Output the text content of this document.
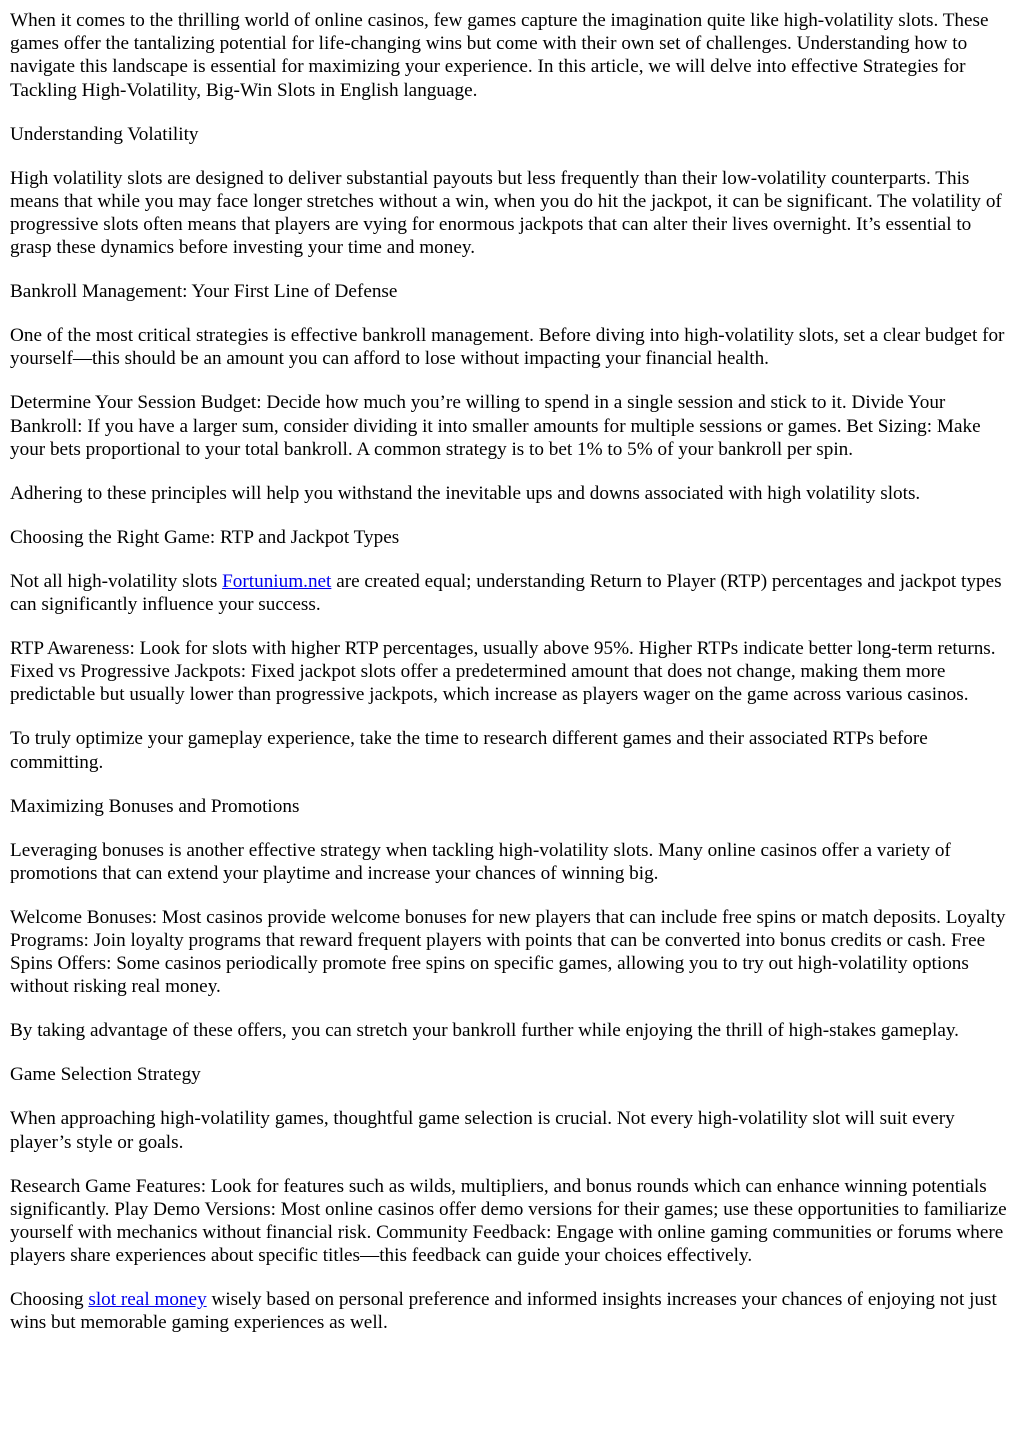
When it comes to the thrilling world of online casinos, few games capture the imagination quite like high-volatility slots. These games offer the tantalizing potential for life-changing wins but come with their own set of challenges. Understanding how to navigate this landscape is essential for maximizing your experience. In this article, we will delve into effective Strategies for Tackling High-Volatility, Big-Win Slots in English language.

Understanding Volatility

High volatility slots are designed to deliver substantial payouts but less frequently than their low-volatility counterparts. This means that while you may face longer stretches without a win, when you do hit the jackpot, it can be significant. The volatility of progressive slots often means that players are vying for enormous jackpots that can alter their lives overnight. It’s essential to grasp these dynamics before investing your time and money.

Bankroll Management: Your First Line of Defense

One of the most critical strategies is effective bankroll management. Before diving into high-volatility slots, set a clear budget for yourself—this should be an amount you can afford to lose without impacting your financial health.

Determine Your Session Budget: Decide how much you’re willing to spend in a single session and stick to it. Divide Your Bankroll: If you have a larger sum, consider dividing it into smaller amounts for multiple sessions or games. Bet Sizing: Make your bets proportional to your total bankroll. A common strategy is to bet 1% to 5% of your bankroll per spin.

Adhering to these principles will help you withstand the inevitable ups and downs associated with high volatility slots.

Choosing the Right Game: RTP and Jackpot Types

Not all high-volatility slots Fortunium.net are created equal; understanding Return to Player (RTP) percentages and jackpot types can significantly influence your success.

RTP Awareness: Look for slots with higher RTP percentages, usually above 95%. Higher RTPs indicate better long-term returns. Fixed vs Progressive Jackpots: Fixed jackpot slots offer a predetermined amount that does not change, making them more predictable but usually lower than progressive jackpots, which increase as players wager on the game across various casinos.

To truly optimize your gameplay experience, take the time to research different games and their associated RTPs before committing.

Maximizing Bonuses and Promotions

Leveraging bonuses is another effective strategy when tackling high-volatility slots. Many online casinos offer a variety of promotions that can extend your playtime and increase your chances of winning big.

Welcome Bonuses: Most casinos provide welcome bonuses for new players that can include free spins or match deposits. Loyalty Programs: Join loyalty programs that reward frequent players with points that can be converted into bonus credits or cash. Free Spins Offers: Some casinos periodically promote free spins on specific games, allowing you to try out high-volatility options without risking real money.

By taking advantage of these offers, you can stretch your bankroll further while enjoying the thrill of high-stakes gameplay.

Game Selection Strategy

When approaching high-volatility games, thoughtful game selection is crucial. Not every high-volatility slot will suit every player’s style or goals.

Research Game Features: Look for features such as wilds, multipliers, and bonus rounds which can enhance winning potentials significantly. Play Demo Versions: Most online casinos offer demo versions for their games; use these opportunities to familiarize yourself with mechanics without financial risk. Community Feedback: Engage with online gaming communities or forums where players share experiences about specific titles—this feedback can guide your choices effectively.

Choosing slot real money wisely based on personal preference and informed insights increases your chances of enjoying not just wins but memorable gaming experiences as well.
